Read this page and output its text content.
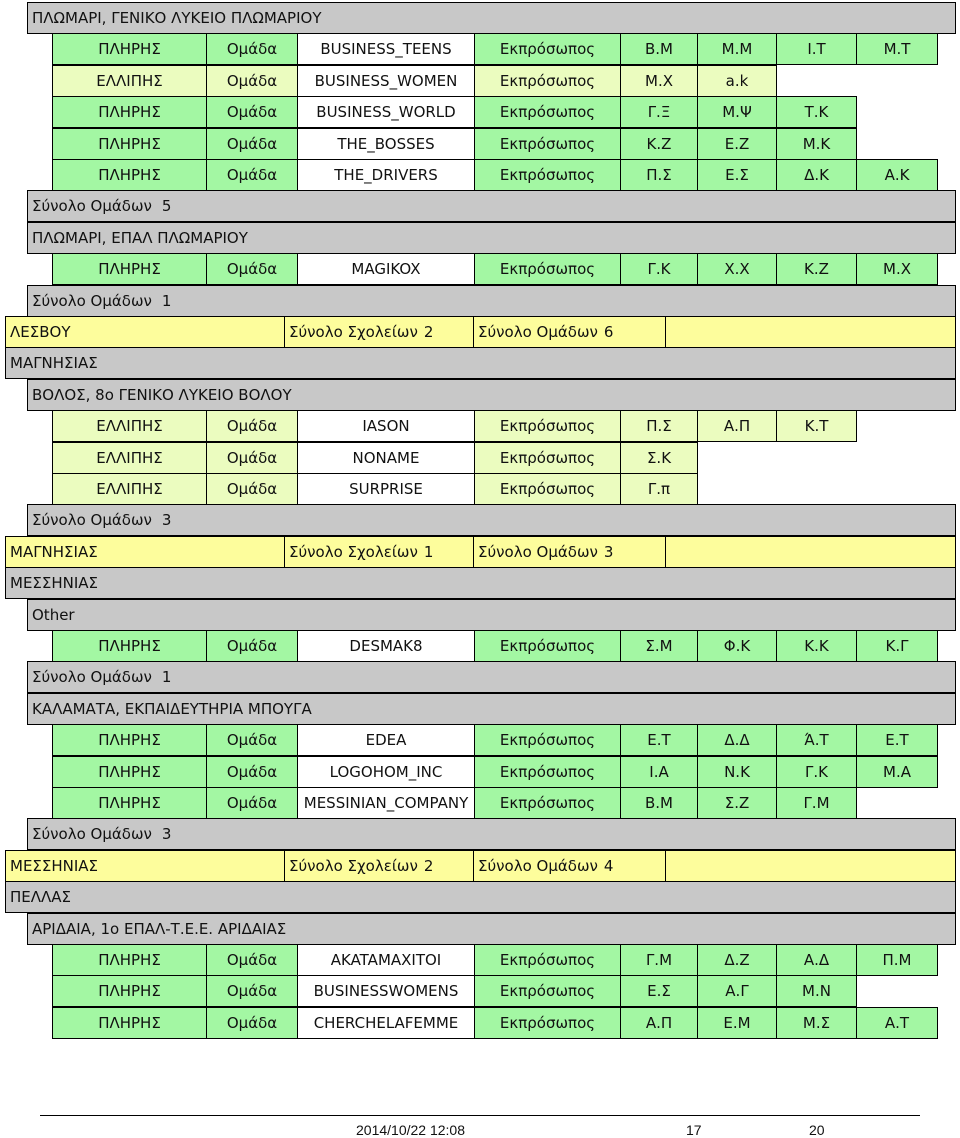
ΠΛΩΜΑΡΙ, ΓΕΝΙΚΟ ΛΥΚΕΙΟ ΠΛΩΜΑΡΙΟΥ
ΠΛΗΡΗΣ	Ομάδα	BUSINESS_TEENS	Εκπρόσωπος	Β.Μ	Μ.Μ	Ι.Τ	Μ.Τ
ΕΛΛΙΠΗΣ	Ομάδα	BUSINESS_WOMEN	Εκπρόσωπος	Μ.Χ	a.k
ΠΛΗΡΗΣ	Ομάδα	BUSINESS_WORLD	Εκπρόσωπος	Γ.Ξ	Μ.Ψ	Τ.Κ
ΠΛΗΡΗΣ	Ομάδα	THE_BOSSES	Εκπρόσωπος	Κ.Ζ	Ε.Ζ	Μ.Κ
ΠΛΗΡΗΣ	Ομάδα	THE_DRIVERS	Εκπρόσωπος	Π.Σ	Ε.Σ	Δ.Κ	Α.Κ
Σύνολο Ομάδων 5
ΠΛΩΜΑΡΙ, ΕΠΑΛ ΠΛΩΜΑΡΙΟΥ
ΠΛΗΡΗΣ	Ομάδα	MAGIKOX	Εκπρόσωπος	Γ.Κ	Χ.Χ	Κ.Ζ	Μ.Χ
Σύνολο Ομάδων 1
ΛΕΣΒΟΥ	Σύνολο Σχολείων 2	Σύνολο Ομάδων 6
ΜΑΓΝΗΣΙΑΣ
ΒΟΛΟΣ, 8ο ΓΕΝΙΚΟ ΛΥΚΕΙΟ ΒΟΛΟΥ
ΕΛΛΙΠΗΣ	Ομάδα	IASON	Εκπρόσωπος	Π.Σ	Α.Π	Κ.Τ
ΕΛΛΙΠΗΣ	Ομάδα	NONAME	Εκπρόσωπος	Σ.Κ
ΕΛΛΙΠΗΣ	Ομάδα	SURPRISE	Εκπρόσωπος	Γ.π
Σύνολο Ομάδων 3
ΜΑΓΝΗΣΙΑΣ	Σύνολο Σχολείων 1	Σύνολο Ομάδων 3
ΜΕΣΣΗΝΙΑΣ
Other
ΠΛΗΡΗΣ	Ομάδα	DESMAK8	Εκπρόσωπος	Σ.Μ	Φ.Κ	Κ.Κ	Κ.Γ
Σύνολο Ομάδων 1
ΚΑΛΑΜΑΤΑ, ΕΚΠΑΙΔΕΥΤΗΡΙΑ ΜΠΟΥΓΑ
ΠΛΗΡΗΣ	Ομάδα	EDEA	Εκπρόσωπος	Ε.Τ	Δ.Δ	Ά.Τ	Ε.Τ
ΠΛΗΡΗΣ	Ομάδα	LOGOHOM_INC	Εκπρόσωπος	Ι.Α	Ν.Κ	Γ.Κ	Μ.Α
ΠΛΗΡΗΣ	Ομάδα	MESSINIAN_COMPANY	Εκπρόσωπος	Β.Μ	Σ.Ζ	Γ.Μ
Σύνολο Ομάδων 3
ΜΕΣΣΗΝΙΑΣ	Σύνολο Σχολείων 2	Σύνολο Ομάδων 4
ΠΕΛΛΑΣ
ΑΡΙΔΑΙΑ, 1ο ΕΠΑΛ-Τ.Ε.Ε. ΑΡΙΔΑΙΑΣ
ΠΛΗΡΗΣ	Ομάδα	AKATAMAXITOI	Εκπρόσωπος	Γ.Μ	Δ.Ζ	Α.Δ	Π.Μ
ΠΛΗΡΗΣ	Ομάδα	BUSINESSWOMENS	Εκπρόσωπος	Ε.Σ	Α.Γ	Μ.Ν
ΠΛΗΡΗΣ	Ομάδα	CHERCHELAFEMME	Εκπρόσωπος	Α.Π	Ε.Μ	Μ.Σ	Α.Τ
2014/10/22 12:08	17	20
